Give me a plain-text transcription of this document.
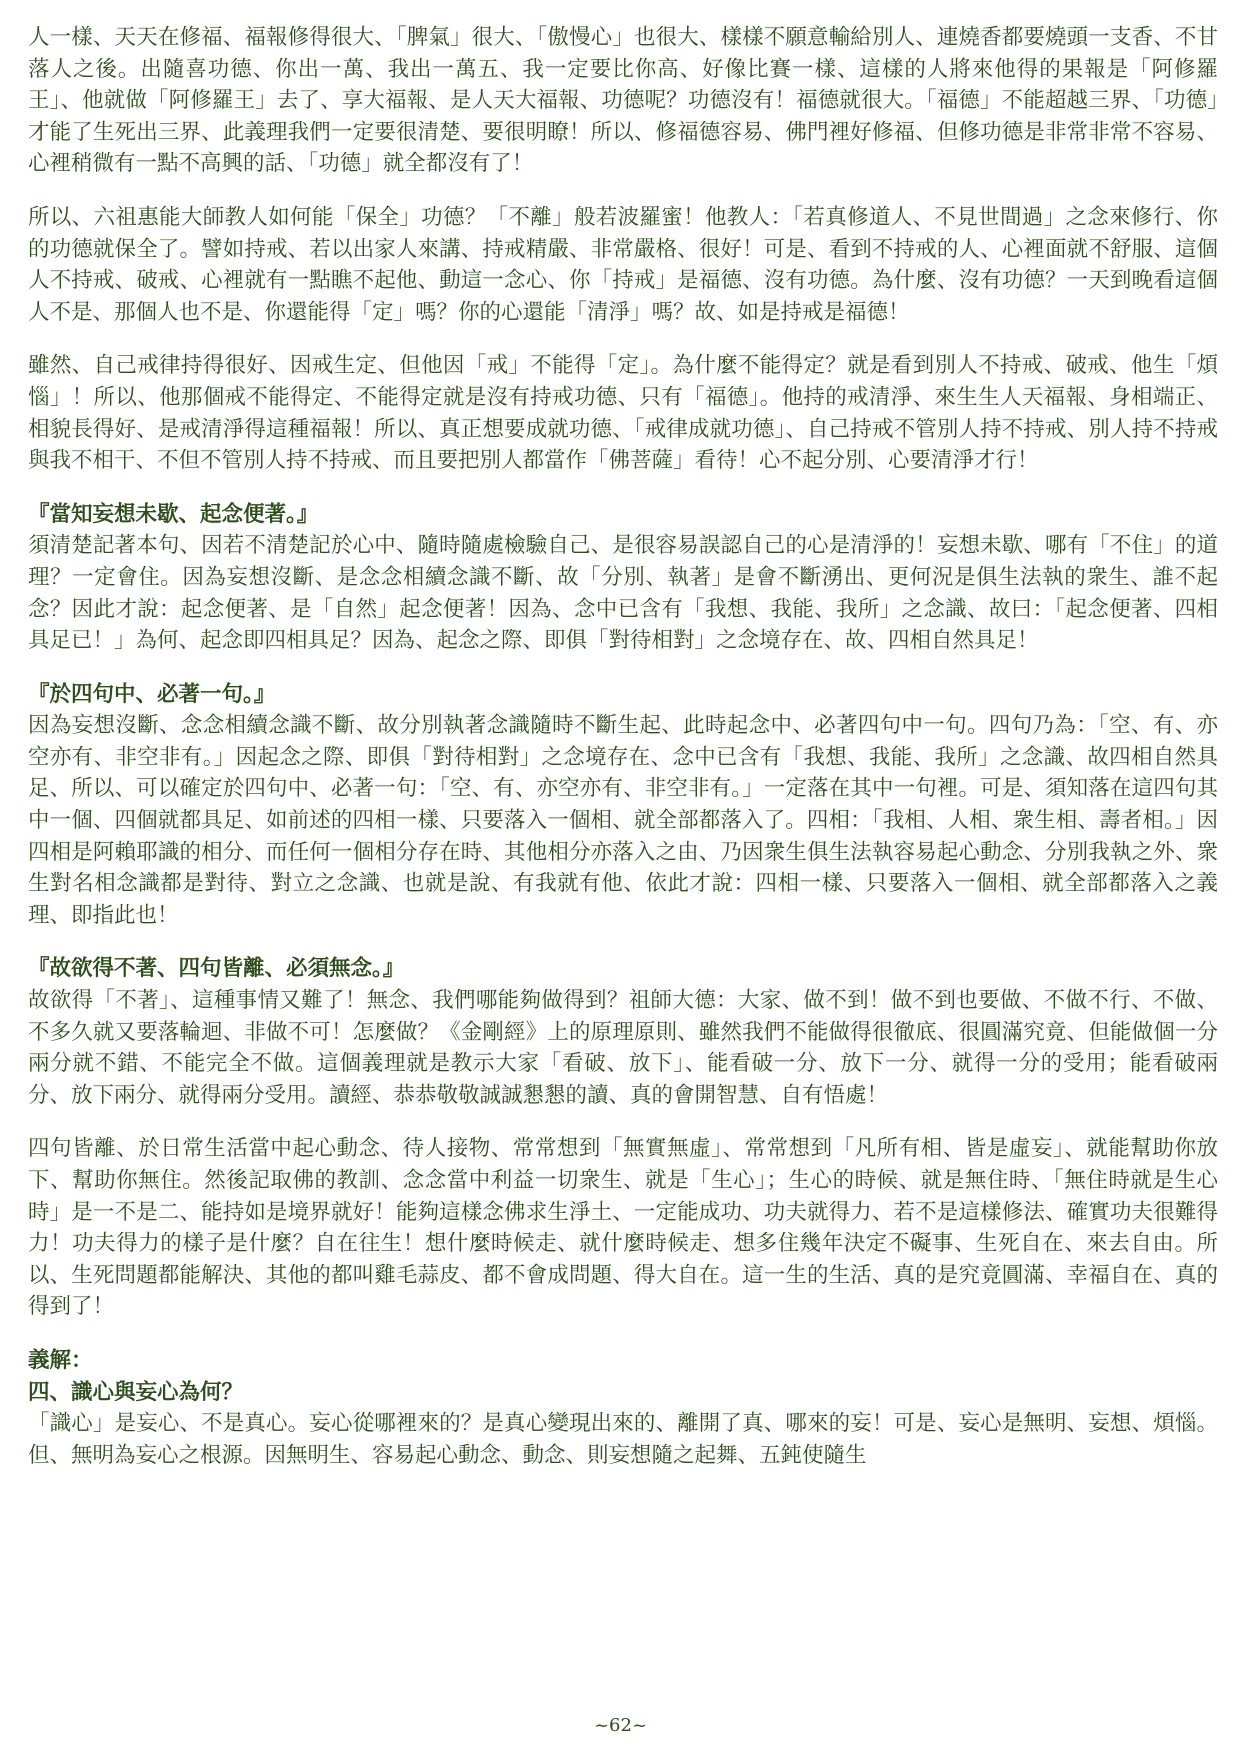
人一樣、天天在修福、福報修得很大、「脾氣」很大、「傲慢心」也很大、樣樣不願意輸給別人、連燒香都要燒頭一支香、不甘落人之後。出隨喜功德、你出一萬、我出一萬五、我一定要比你高、好像比賽一樣、這樣的人將來他得的果報是「阿修羅王」、他就做「阿修羅王」去了、享大福報、是人天大福報、功德呢？功德沒有！福德就很大。「福德」不能超越三界、「功德」才能了生死出三界、此義理我們一定要很清楚、要很明瞭！所以、修福德容易、佛門裡好修福、但修功德是非常非常不容易、心裡稍微有一點不高興的話、「功德」就全都沒有了！

所以、六祖惠能大師教人如何能「保全」功德？「不離」般若波羅蜜！他教人：「若真修道人、不見世間過」之念來修行、你的功德就保全了。譬如持戒、若以出家人來講、持戒精嚴、非常嚴格、很好！可是、看到不持戒的人、心裡面就不舒服、這個人不持戒、破戒、心裡就有一點瞧不起他、動這一念心、你「持戒」是福德、沒有功德。為什麼、沒有功德？一天到晚看這個人不是、那個人也不是、你還能得「定」嗎？你的心還能「清淨」嗎？故、如是持戒是福德！

雖然、自己戒律持得很好、因戒生定、但他因「戒」不能得「定」。為什麼不能得定？就是看到別人不持戒、破戒、他生「煩惱」！所以、他那個戒不能得定、不能得定就是沒有持戒功德、只有「福德」。他持的戒清淨、來生生人天福報、身相端正、相貌長得好、是戒清淨得這種福報！所以、真正想要成就功德、「戒律成就功德」、自己持戒不管別人持不持戒、別人持不持戒與我不相干、不但不管別人持不持戒、而且要把別人都當作「佛菩薩」看待！心不起分別、心要清淨才行！

『當知妄想未歇、起念便著。』

須清楚記著本句、因若不清楚記於心中、隨時隨處檢驗自己、是很容易誤認自己的心是清淨的！妄想未歇、哪有「不住」的道理？一定會住。因為妄想沒斷、是念念相續念識不斷、故「分別、執著」是會不斷湧出、更何況是俱生法執的衆生、誰不起念？因此才說：起念便著、是「自然」起念便著！因為、念中已含有「我想、我能、我所」之念識、故曰：「起念便著、四相具足已！」為何、起念即四相具足？因為、起念之際、即俱「對待相對」之念境存在、故、四相自然具足！

『於四句中、必著一句。』

因為妄想沒斷、念念相續念識不斷、故分別執著念識隨時不斷生起、此時起念中、必著四句中一句。四句乃為：「空、有、亦空亦有、非空非有。」因起念之際、即俱「對待相對」之念境存在、念中已含有「我想、我能、我所」之念識、故四相自然具足、所以、可以確定於四句中、必著一句：「空、有、亦空亦有、非空非有。」一定落在其中一句裡。可是、須知落在這四句其中一個、四個就都具足、如前述的四相一樣、只要落入一個相、就全部都落入了。四相：「我相、人相、衆生相、壽者相。」因四相是阿賴耶識的相分、而任何一個相分存在時、其他相分亦落入之由、乃因衆生俱生法執容易起心動念、分別我執之外、衆生對名相念識都是對待、對立之念識、也就是說、有我就有他、依此才說：四相一樣、只要落入一個相、就全部都落入之義理、即指此也！

『故欲得不著、四句皆離、必須無念。』

故欲得「不著」、這種事情又難了！無念、我們哪能夠做得到？祖師大德：大家、做不到！做不到也要做、不做不行、不做、不多久就又要落輪迴、非做不可！怎麼做？《金剛經》上的原理原則、雖然我們不能做得很徹底、很圓滿究竟、但能做個一分兩分就不錯、不能完全不做。這個義理就是教示大家「看破、放下」、能看破一分、放下一分、就得一分的受用；能看破兩分、放下兩分、就得兩分受用。讀經、恭恭敬敬誠誠懇懇的讀、真的會開智慧、自有悟處！

四句皆離、於日常生活當中起心動念、待人接物、常常想到「無實無虛」、常常想到「凡所有相、皆是虛妄」、就能幫助你放下、幫助你無住。然後記取佛的教訓、念念當中利益一切衆生、就是「生心」；生心的時候、就是無住時、「無住時就是生心時」是一不是二、能持如是境界就好！能夠這樣念佛求生淨土、一定能成功、功夫就得力、若不是這樣修法、確實功夫很難得力！功夫得力的樣子是什麼？自在往生！想什麼時候走、就什麼時候走、想多住幾年決定不礙事、生死自在、來去自由。所以、生死問題都能解決、其他的都叫雞毛蒜皮、都不會成問題、得大自在。這一生的生活、真的是究竟圓滿、幸福自在、真的得到了！

義解：

四、識心與妄心為何？

「識心」是妄心、不是真心。妄心從哪裡來的？是真心變現出來的、離開了真、哪來的妄！可是、妄心是無明、妄想、煩惱。但、無明為妄心之根源。因無明生、容易起心動念、動念、則妄想隨之起舞、五鈍使隨生

~62~
